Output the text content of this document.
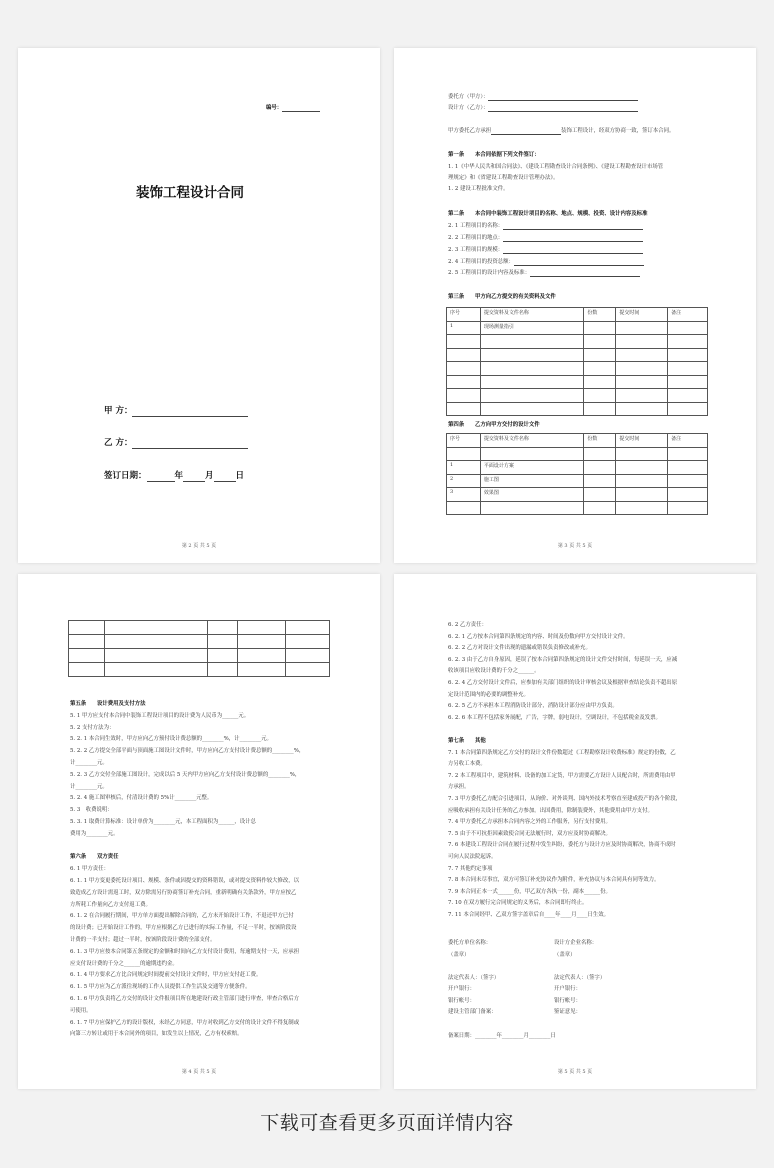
编号：
装饰工程设计合同
甲 方：
乙 方：
签订日期：	年	月	日
第 2 页 共 5 页
委托方（甲方）：
设计方（乙方）：
甲方委托乙方承担	装饰工程设计，经双方协商一致，签订本合同。
第一条　　本合同依据下列文件签订：
1. 1《中华人民共和国合同法》、《建设工程勘查设计合同条例》、《建设工程勘查设计市场管
理规定》和《省建设工程勘查设计管理办法》。
1. 2 建设工程批准文件。
第二条　　本合同中装饰工程设计项目的名称、地点、规模、投资、设计内容及标准
2. 1 工程项目的名称：
2. 2 工程项目的地点：
2. 3 工程项目的规模：
2. 4 工程项目的投资总额：
2. 5 工程项目的设计内容及标准：
第三条　　甲方向乙方提交的有关资料及文件
序号	提交资料及文件名称	份数	提交时间	备注
1	现场测量指引			

第四条　　乙方向甲方交付的设计文件
序号	提交资料及文件名称	份数	提交时间	备注

1	平面设计方案			
2	施工图			
3	效果图			

第 3 页 共 5 页

第五条　　设计费用及支付方法
5. 1 甲方应支付本合同中装饰工程设计项目的设计费为人民币为______元。
5. 2 支付方法为：
5. 2. 1 本合同生效时，甲方应向乙方预付设计费总额的________%，计________元。
5. 2. 2 乙方提交全部平面与顶面施工图设计文件时，甲方应向乙方支付设计费总额的________%，
计________元。
5. 2. 3 乙方交付全部施工图设计，完成以后 5 天内甲方应向乙方支付设计费总额的________%，
计________元。
5. 2. 4 施工图审核后，付清设计费的 5%计________元整。
5. 3　收费说明：
5. 3. 1 取费计算标准：设计单价为________元，本工程面积为______，设计总
费用为________元。
第六条　　双方责任
6. 1 甲方责任：
6. 1. 1 甲方变更委托设计项目、规模、条件或因提交的资料错误，或对提交资料作较大修改，以
致造成乙方设计需返工时，双方除需另行协商签订补充合同，重新明确有关条款外，甲方应按乙
方所耗工作量向乙方支付返工费。
6. 1. 2 在合同履行期间，甲方单方面提出解除合同的，乙方未开始设计工作，不退还甲方已付
的设计费；已开始设计工作的，甲方应根据乙方已进行的实际工作量，不足一半时，按该阶段设
计费的一半支付；超过一半时，按该阶段设计费的全部支付。
6. 1. 3 甲方应按本合同第五条规定的金额和时间向乙方支付设计费用，每逾期支付一天，应承担
应支付设计费的千分之______的逾期违约金。
6. 1. 4 甲方要求乙方比合同规定时间提前交付设计文件时，甲方应支付赶工费。
6. 1. 5 甲方应为乙方派往现场的工作人员提供工作生活及交通等方便条件。
6. 1. 6 甲方负责将乙方交付的设计文件报项目所在地建设行政主管部门进行审查，审查合格后方
可使用。
6. 1. 7 甲方应保护乙方的设计版权，未经乙方同意，甲方对收到乙方交付的设计文件不得复制或
向第三方转让或用于本合同外的项目，如发生以上情况，乙方有权索赔。
第 4 页 共 5 页
6. 2 乙方责任：
6. 2. 1 乙方按本合同第四条规定的内容、时间及份数向甲方交付设计文件。
6. 2. 2 乙方对设计文件出现的遗漏或错误负责修改或补充。
6. 2. 3 由于乙方自身原因，延误了按本合同第四条规定的设计文件交付时间，每延误一天，应减
收该项目应收设计费的千分之______。
6. 2. 4 乙方交付设计文件后，应参加有关部门组织的设计审核会议及根据审查结论负责不超出原
定设计范围内的必要的调整补充。
6. 2. 5 乙方不承担本工程消防设计部分，消防设计部分应由甲方负责。
6. 2. 6 本工程不包括家务展配，广告，字牌，弱电设计，空调设计，不包括税金及发票。
第七条　　其他
7. 1 本合同第四条规定乙方交付的设计文件份数超过《工程勘察设计收费标准》规定的份数，乙
方另收工本费。
7. 2 本工程项目中，建筑材料、设备的加工定货，甲方需要乙方设计人员配合时，所需费用由甲
方承担。
7. 3 甲方委托乙方配合引进项目，从询价、对外谈判、国内外技术考察直至建成投产的各个阶段，
应吸收承担有关设计任务的乙方参加。出国费用，除制装费外，其他费用由甲方支付。
7. 4 甲方委托乙方承担本合同内容之外的工作服务，另行支付费用。
7. 5 由于不可抗拒因素致使合同无法履行时，双方应及时协商解决。
7. 6 本建设工程设计合同在履行过程中发生纠纷，委托方与设计方应及时协商解决，协商不成时
可向人民法院起诉。
7. 7 其他约定事项
7. 8 本合同未尽事宜，双方可签订补充协议作为附件，补充协议与本合同具有同等效力。
7. 9 本合同正本一式______份，甲乙双方各执一份，副本______份。
7. 10 在双方履行完合同规定的义务后，本合同即行终止。
7. 11 本合同经甲、乙双方签字盖章后自____年____月____日生效。
委托方单位名称：	设计方企业名称：
（盖章）	（盖章）
法定代表人：（签字）	法定代表人：（签字）
开户银行：	开户银行：
银行帐号：	银行帐号：
建设主管部门备案：	鉴证意见：
备案日期：________年________月________日
第 5 页 共 5 页
下载可查看更多页面详情内容
